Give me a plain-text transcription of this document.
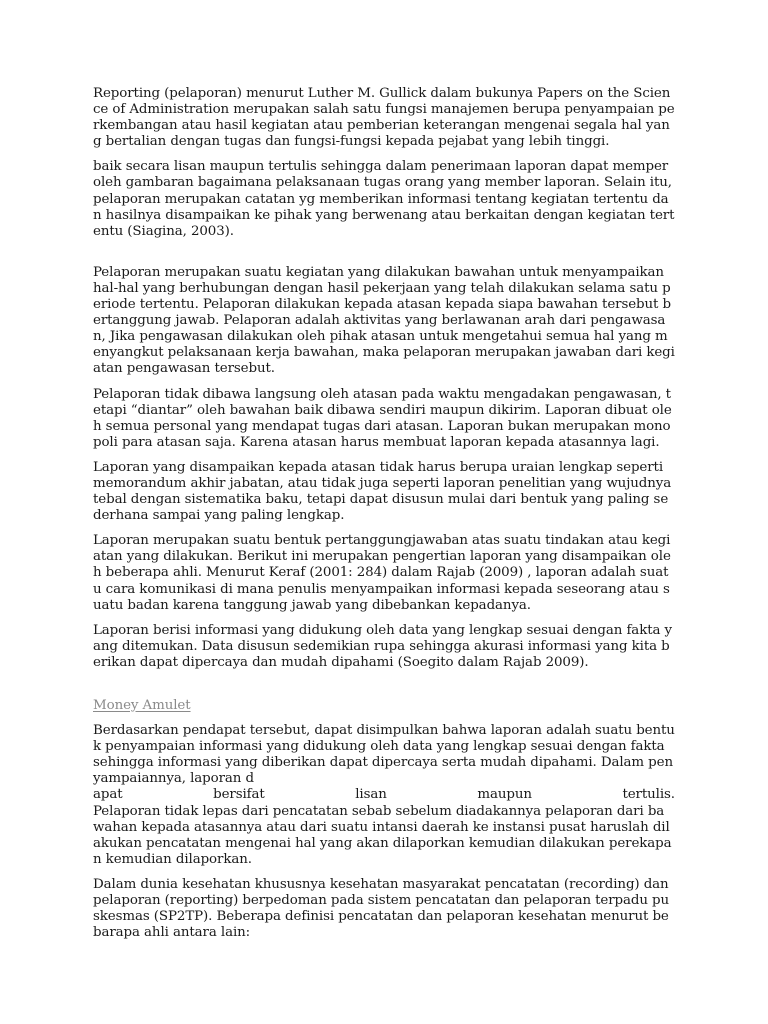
Reporting (pelaporan) menurut Luther M. Gullick dalam bukunya Papers on the Science of Administration merupakan salah satu fungsi manajemen berupa penyampaian perkembangan atau hasil kegiatan atau pemberian keterangan mengenai segala hal yang bertalian dengan tugas dan fungsi-fungsi kepada pejabat yang lebih tinggi.

baik secara lisan maupun tertulis sehingga dalam penerimaan laporan dapat memperoleh gambaran bagaimana pelaksanaan tugas orang yang member laporan. Selain itu, pelaporan merupakan catatan yg memberikan informasi tentang kegiatan tertentu dan hasilnya disampaikan ke pihak yang berwenang atau berkaitan dengan kegiatan tertentu (Siagina, 2003).

Pelaporan merupakan suatu kegiatan yang dilakukan bawahan untuk menyampaikan hal-hal yang berhubungan dengan hasil pekerjaan yang telah dilakukan selama satu periode tertentu. Pelaporan dilakukan kepada atasan kepada siapa bawahan tersebut bertanggung jawab. Pelaporan adalah aktivitas yang berlawanan arah dari pengawasan, Jika pengawasan dilakukan oleh pihak atasan untuk mengetahui semua hal yang menyangkut pelaksanaan kerja bawahan, maka pelaporan merupakan jawaban dari kegiatan pengawasan tersebut.

Pelaporan tidak dibawa langsung oleh atasan pada waktu mengadakan pengawasan, tetapi “diantar” oleh bawahan baik dibawa sendiri maupun dikirim. Laporan dibuat oleh semua personal yang mendapat tugas dari atasan. Laporan bukan merupakan monopoli para atasan saja. Karena atasan harus membuat laporan kepada atasannya lagi.

Laporan yang disampaikan kepada atasan tidak harus berupa uraian lengkap seperti memorandum akhir jabatan, atau tidak juga seperti laporan penelitian yang wujudnya tebal dengan sistematika baku, tetapi dapat disusun mulai dari bentuk yang paling sederhana sampai yang paling lengkap.

Laporan merupakan suatu bentuk pertanggungjawaban atas suatu tindakan atau kegiatan yang dilakukan. Berikut ini merupakan pengertian laporan yang disampaikan oleh beberapa ahli. Menurut Keraf (2001: 284) dalam Rajab (2009) , laporan adalah suatu cara komunikasi di mana penulis menyampaikan informasi kepada seseorang atau suatu badan karena tanggung jawab yang dibebankan kepadanya.

Laporan berisi informasi yang didukung oleh data yang lengkap sesuai dengan fakta yang ditemukan. Data disusun sedemikian rupa sehingga akurasi informasi yang kita berikan dapat dipercaya dan mudah dipahami (Soegito dalam Rajab 2009).

Money Amulet

Berdasarkan pendapat tersebut, dapat disimpulkan bahwa laporan adalah suatu bentuk penyampaian informasi yang didukung oleh data yang lengkap sesuai dengan fakta sehingga informasi yang diberikan dapat dipercaya serta mudah dipahami. Dalam penyampaiannya, laporan d

apat	bersifat	lisan	maupun	tertulis.

Pelaporan tidak lepas dari pencatatan sebab sebelum diadakannya pelaporan dari bawahan kepada atasannya atau dari suatu intansi daerah ke instansi pusat haruslah dilakukan pencatatan mengenai hal yang akan dilaporkan kemudian dilakukan perekapan kemudian dilaporkan.

Dalam dunia kesehatan khususnya kesehatan masyarakat pencatatan (recording) dan pelaporan (reporting) berpedoman pada sistem pencatatan dan pelaporan terpadu puskesmas (SP2TP). Beberapa definisi pencatatan dan pelaporan kesehatan menurut bebarapa ahli antara lain:
